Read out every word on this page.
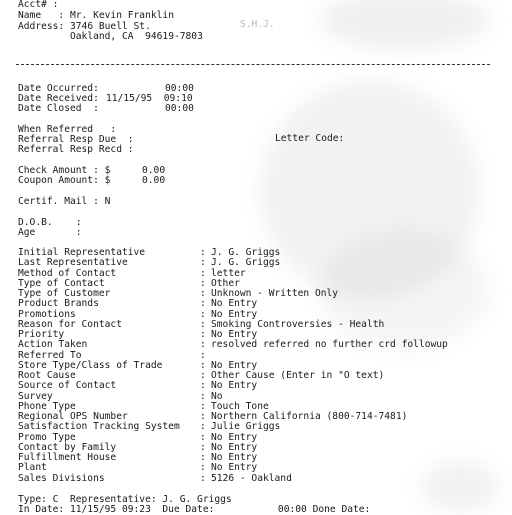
Acct# :
Name   : Mr. Kevin Franklin
Address: 3746 Buell St.
Oakland, CA  94619-7803
S.H.J.
Date Occurred:	00:00
Date Received: 11/15/95  09:10
Date Closed  :	00:00
When Referred   :
Referral Resp Due  :	Letter Code:
Referral Resp Recd :
Check Amount : $	0.00
Coupon Amount: $	0.00
Certif. Mail : N
D.O.B.    :
Age       :
Initial Representative	: J. G. Griggs
Last Representative	: J. G. Griggs
Method of Contact	: letter
Type of Contact	: Other
Type of Customer	: Unknown - Written Only
Product Brands	: No Entry
Promotions	: No Entry
Reason for Contact	: Smoking Controversies - Health
Priority	: No Entry
Action Taken	: resolved referred no further crd followup
Referred To	:
Store Type/Class of Trade	: No Entry
Root Cause	: Other Cause (Enter in "O text)
Source of Contact	: No Entry
Survey	: No
Phone Type	: Touch Tone
Regional OPS Number	: Northern California (800-714-7481)
Satisfaction Tracking System : Julie Griggs
Promo Type	: No Entry
Contact by Family	: No Entry
Fulfillment House	: No Entry
Plant	: No Entry
Sales Divisions	: 5126 - Oakland
Type: C  Representative: J. G. Griggs
In Date: 11/15/95 09:23  Due Date:           00:00 Done Date:
